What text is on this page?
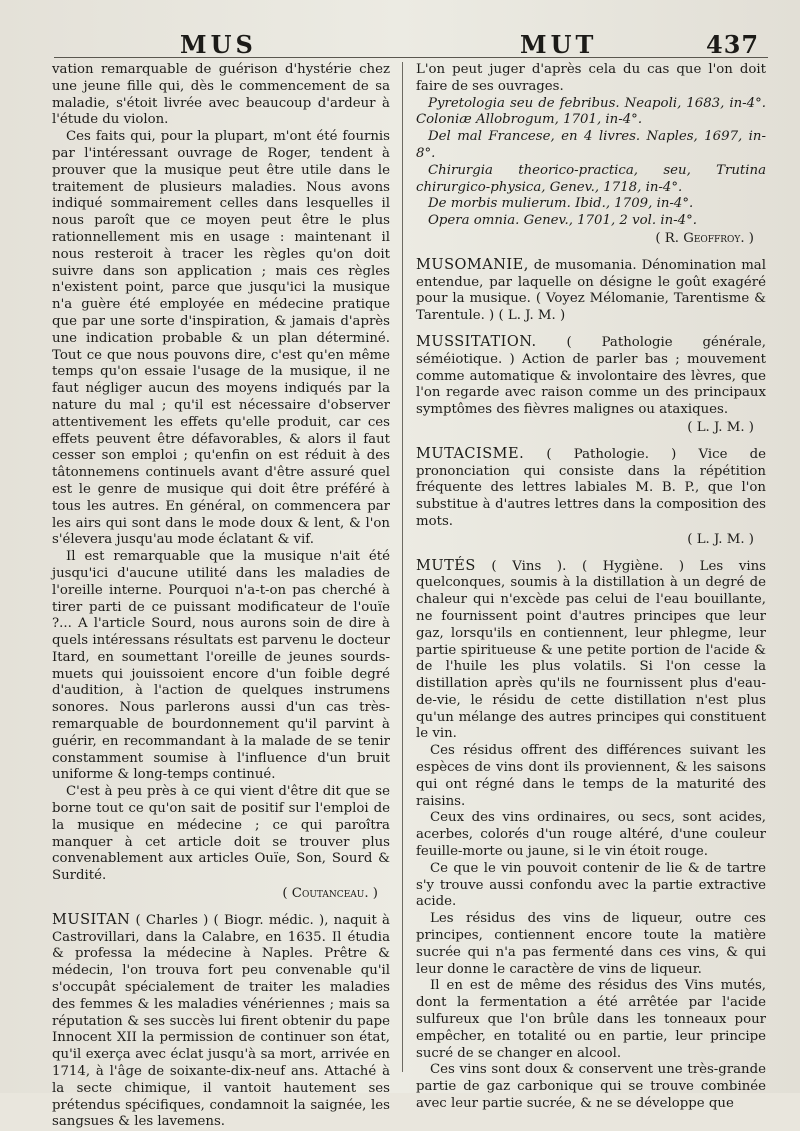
MUS	MUT	437

vation remarquable de guérison d'hystérie chez une jeune fille qui, dès le commencement de sa maladie, s'étoit livrée avec beaucoup d'ardeur à l'étude du violon.

Ces faits qui, pour la plupart, m'ont été fournis par l'intéressant ouvrage de Roger, tendent à prouver que la musique peut être utile dans le traitement de plusieurs maladies. Nous avons indiqué sommairement celles dans lesquelles il nous paroît que ce moyen peut être le plus rationnellement mis en usage : maintenant il nous resteroit à tracer les règles qu'on doit suivre dans son application ; mais ces règles n'existent point, parce que jusqu'ici la musique n'a guère été employée en médecine pratique que par une sorte d'inspiration, & jamais d'après une indication probable & un plan déterminé. Tout ce que nous pouvons dire, c'est qu'en même temps qu'on essaie l'usage de la musique, il ne faut négliger aucun des moyens indiqués par la nature du mal ; qu'il est nécessaire d'observer attentivement les effets qu'elle produit, car ces effets peuvent être défavorables, & alors il faut cesser son emploi ; qu'enfin on est réduit à des tâtonnemens continuels avant d'être assuré quel est le genre de musique qui doit être préféré à tous les autres. En général, on commencera par les airs qui sont dans le mode doux & lent, & l'on s'élevera jusqu'au mode éclatant & vif.

Il est remarquable que la musique n'ait été jusqu'ici d'aucune utilité dans les maladies de l'oreille interne. Pourquoi n'a-t-on pas cherché à tirer parti de ce puissant modificateur de l'ouïe ?... A l'article Sourd, nous aurons soin de dire à quels intéressans résultats est parvenu le docteur Itard, en soumettant l'oreille de jeunes sourds-muets qui jouissoient encore d'un foible degré d'audition, à l'action de quelques instrumens sonores. Nous parlerons aussi d'un cas très-remarquable de bourdonnement qu'il parvint à guérir, en recommandant à la malade de se tenir constamment soumise à l'influence d'un bruit uniforme & long-temps continué.

C'est à peu près à ce qui vient d'être dit que se borne tout ce qu'on sait de positif sur l'emploi de la musique en médecine ; ce qui paroîtra manquer à cet article doit se trouver plus convenablement aux articles Ouïe, Son, Sourd & Surdité.

( Coutanceau. )

MUSITAN ( Charles ) ( Biogr. médic. ), naquit à Castrovillari, dans la Calabre, en 1635. Il étudia & professa la médecine à Naples. Prêtre & médecin, l'on trouva fort peu convenable qu'il s'occupât spécialement de traiter les maladies des femmes & les maladies vénériennes ; mais sa réputation & ses succès lui firent obtenir du pape Innocent XII la permission de continuer son état, qu'il exerça avec éclat jusqu'à sa mort, arrivée en 1714, à l'âge de soixante-dix-neuf ans. Attaché à la secte chimique, il vantoit hautement ses prétendus spécifiques, condamnoit la saignée, les sangsues & les lavemens.

L'on peut juger d'après cela du cas que l'on doit faire de ses ouvrages.

Pyretologia seu de febribus. Neapoli, 1683, in-4°. Coloniæ Allobrogum, 1701, in-4°.

Del mal Francese, en 4 livres. Naples, 1697, in-8°.

Chirurgia theorico-practica, seu, Trutina chirurgico-physica, Genev., 1718, in-4°.

De morbis mulierum. Ibid., 1709, in-4°.

Opera omnia. Genev., 1701, 2 vol. in-4°.

( R. Geoffroy. )

MUSOMANIE, de musomania. Dénomination mal entendue, par laquelle on désigne le goût exagéré pour la musique. ( Voyez Mélomanie, Tarentisme & Tarentule. ) ( L. J. M. )

MUSSITATION. ( Pathologie générale, séméiotique. ) Action de parler bas ; mouvement comme automatique & involontaire des lèvres, que l'on regarde avec raison comme un des principaux symptômes des fièvres malignes ou ataxiques.

( L. J. M. )

MUTACISME. ( Pathologie. ) Vice de prononciation qui consiste dans la répétition fréquente des lettres labiales M. B. P., que l'on substitue à d'autres lettres dans la composition des mots.

( L. J. M. )

MUTÉS ( Vins ). ( Hygiène. ) Les vins quelconques, soumis à la distillation à un degré de chaleur qui n'excède pas celui de l'eau bouillante, ne fournissent point d'autres principes que leur gaz, lorsqu'ils en contiennent, leur phlegme, leur partie spiritueuse & une petite portion de l'acide & de l'huile les plus volatils. Si l'on cesse la distillation après qu'ils ne fournissent plus d'eau-de-vie, le résidu de cette distillation n'est plus qu'un mélange des autres principes qui constituent le vin.

Ces résidus offrent des différences suivant les espèces de vins dont ils proviennent, & les saisons qui ont régné dans le temps de la maturité des raisins.

Ceux des vins ordinaires, ou secs, sont acides, acerbes, colorés d'un rouge altéré, d'une couleur feuille-morte ou jaune, si le vin étoit rouge.

Ce que le vin pouvoit contenir de lie & de tartre s'y trouve aussi confondu avec la partie extractive acide.

Les résidus des vins de liqueur, outre ces principes, contiennent encore toute la matière sucrée qui n'a pas fermenté dans ces vins, & qui leur donne le caractère de vins de liqueur.

Il en est de même des résidus des Vins mutés, dont la fermentation a été arrêtée par l'acide sulfureux que l'on brûle dans les tonneaux pour empêcher, en totalité ou en partie, leur principe sucré de se changer en alcool.

Ces vins sont doux & conservent une très-grande partie de gaz carbonique qui se trouve combinée avec leur partie sucrée, & ne se développe que
